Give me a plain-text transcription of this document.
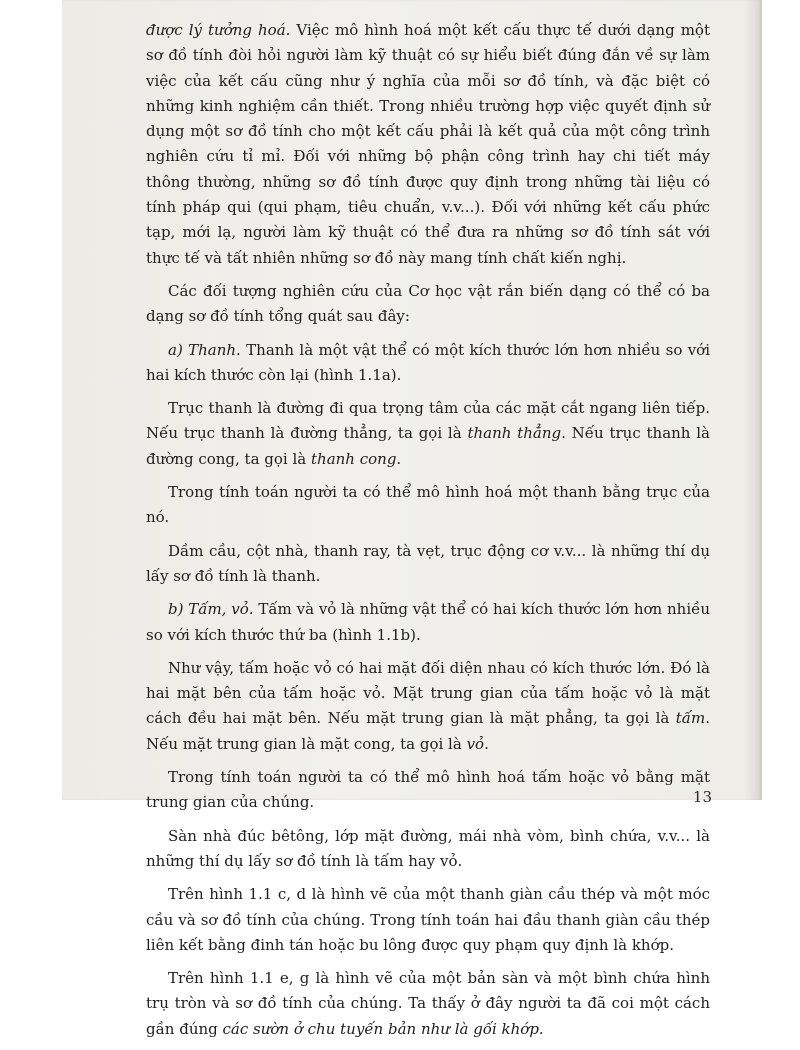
được lý tưởng hoá. Việc mô hình hoá một kết cấu thực tế dưới dạng một sơ đồ tính đòi hỏi người làm kỹ thuật có sự hiểu biết đúng đắn về sự làm việc của kết cấu cũng như ý nghĩa của mỗi sơ đồ tính, và đặc biệt có những kinh nghiệm cần thiết. Trong nhiều trường hợp việc quyết định sử dụng một sơ đồ tính cho một kết cấu phải là kết quả của một công trình nghiên cứu tỉ mỉ. Đối với những bộ phận công trình hay chi tiết máy thông thường, những sơ đồ tính được quy định trong những tài liệu có tính pháp qui (qui phạm, tiêu chuẩn, v.v...). Đối với những kết cấu phức tạp, mới lạ, người làm kỹ thuật có thể đưa ra những sơ đồ tính sát với thực tế và tất nhiên những sơ đồ này mang tính chất kiến nghị.

Các đối tượng nghiên cứu của Cơ học vật rắn biến dạng có thể có ba dạng sơ đồ tính tổng quát sau đây:

a) Thanh. Thanh là một vật thể có một kích thước lớn hơn nhiều so với hai kích thước còn lại (hình 1.1a).

Trục thanh là đường đi qua trọng tâm của các mặt cắt ngang liên tiếp. Nếu trục thanh là đường thẳng, ta gọi là thanh thẳng. Nếu trục thanh là đường cong, ta gọi là thanh cong.

Trong tính toán người ta có thể mô hình hoá một thanh bằng trục của nó.

Dầm cầu, cột nhà, thanh ray, tà vẹt, trục động cơ v.v... là những thí dụ lấy sơ đồ tính là thanh.

b) Tấm, vỏ. Tấm và vỏ là những vật thể có hai kích thước lớn hơn nhiều so với kích thước thứ ba (hình 1.1b).

Như vậy, tấm hoặc vỏ có hai mặt đối diện nhau có kích thước lớn. Đó là hai mặt bên của tấm hoặc vỏ. Mặt trung gian của tấm hoặc vỏ là mặt cách đều hai mặt bên. Nếu mặt trung gian là mặt phẳng, ta gọi là tấm. Nếu mặt trung gian là mặt cong, ta gọi là vỏ.

Trong tính toán người ta có thể mô hình hoá tấm hoặc vỏ bằng mặt trung gian của chúng.

Sàn nhà đúc bêtông, lớp mặt đường, mái nhà vòm, bình chứa, v.v... là những thí dụ lấy sơ đồ tính là tấm hay vỏ.

Trên hình 1.1 c, d là hình vẽ của một thanh giàn cầu thép và một móc cầu và sơ đồ tính của chúng. Trong tính toán hai đầu thanh giàn cầu thép liên kết bằng đinh tán hoặc bu lông được quy phạm quy định là khớp.

Trên hình 1.1 e, g là hình vẽ của một bản sàn và một bình chứa hình trụ tròn và sơ đồ tính của chúng. Ta thấy ở đây người ta đã coi một cách gần đúng các sườn ở chu tuyến bản như là gối khớp.

13
